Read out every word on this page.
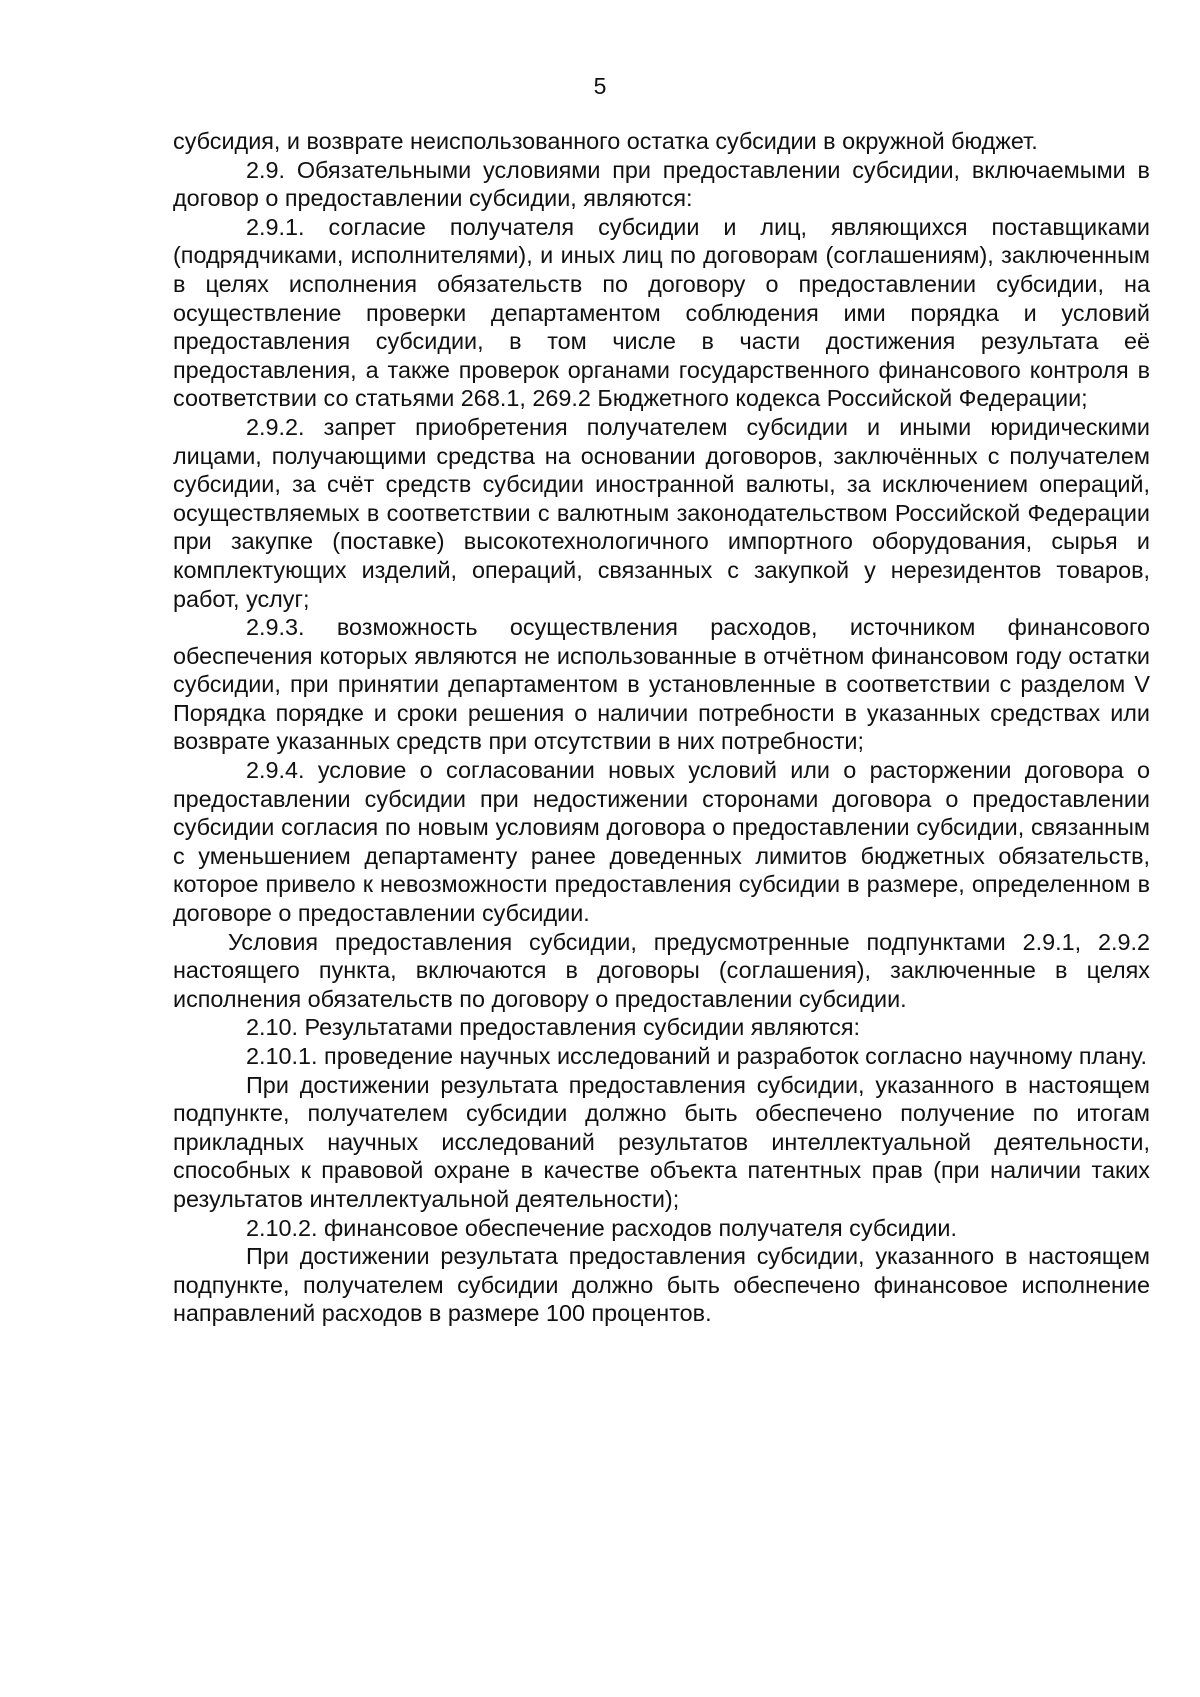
5

субсидия, и возврате неиспользованного остатка субсидии в окружной бюджет.

2.9. Обязательными условиями при предоставлении субсидии, включаемыми в договор о предоставлении субсидии, являются:

2.9.1. согласие получателя субсидии и лиц, являющихся поставщиками (подрядчиками, исполнителями), и иных лиц по договорам (соглашениям), заключенным в целях исполнения обязательств по договору о предоставлении субсидии, на осуществление проверки департаментом соблюдения ими порядка и условий предоставления субсидии, в том числе в части достижения результата её предоставления, а также проверок органами государственного финансового контроля в соответствии со статьями 268.1, 269.2 Бюджетного кодекса Российской Федерации;

2.9.2. запрет приобретения получателем субсидии и иными юридическими лицами, получающими средства на основании договоров, заключённых с получателем субсидии, за счёт средств субсидии иностранной валюты, за исключением операций, осуществляемых в соответствии с валютным законодательством Российской Федерации при закупке (поставке) высокотехнологичного импортного оборудования, сырья и комплектующих изделий, операций, связанных с закупкой у нерезидентов товаров, работ, услуг;

2.9.3. возможность осуществления расходов, источником финансового обеспечения которых являются не использованные в отчётном финансовом году остатки субсидии, при принятии департаментом в установленные в соответствии с разделом V Порядка порядке и сроки решения о наличии потребности в указанных средствах или возврате указанных средств при отсутствии в них потребности;

2.9.4. условие о согласовании новых условий или о расторжении договора о предоставлении субсидии при недостижении сторонами договора о предоставлении субсидии согласия по новым условиям договора о предоставлении субсидии, связанным с уменьшением департаменту ранее доведенных лимитов бюджетных обязательств, которое привело к невозможности предоставления субсидии в размере, определенном в договоре о предоставлении субсидии.

Условия предоставления субсидии, предусмотренные подпунктами 2.9.1, 2.9.2 настоящего пункта, включаются в договоры (соглашения), заключенные в целях исполнения обязательств по договору о предоставлении субсидии.

2.10. Результатами предоставления субсидии являются:

2.10.1. проведение научных исследований и разработок согласно научному плану.

При достижении результата предоставления субсидии, указанного в настоящем подпункте, получателем субсидии должно быть обеспечено получение по итогам прикладных научных исследований результатов интеллектуальной деятельности, способных к правовой охране в качестве объекта патентных прав (при наличии таких результатов интеллектуальной деятельности);

2.10.2. финансовое обеспечение расходов получателя субсидии.

При достижении результата предоставления субсидии, указанного в настоящем подпункте, получателем субсидии должно быть обеспечено финансовое исполнение направлений расходов в размере 100 процентов.
